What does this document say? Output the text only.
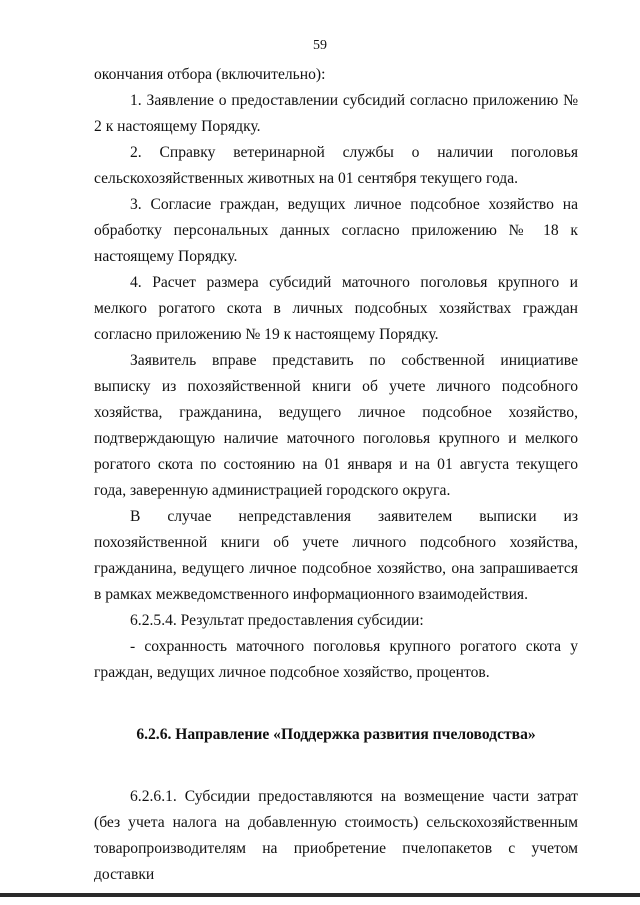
59

окончания отбора (включительно):

1. Заявление о предоставлении субсидий согласно приложению № 2 к настоящему Порядку.

2. Справку ветеринарной службы о наличии поголовья сельскохозяйственных животных на 01 сентября текущего года.

3. Согласие граждан, ведущих личное подсобное хозяйство на обработку персональных данных согласно приложению № 18 к настоящему Порядку.

4. Расчет размера субсидий маточного поголовья крупного и мелкого рогатого скота в личных подсобных хозяйствах граждан согласно приложению № 19 к настоящему Порядку.

Заявитель вправе представить по собственной инициативе выписку из похозяйственной книги об учете личного подсобного хозяйства, гражданина, ведущего личное подсобное хозяйство, подтверждающую наличие маточного поголовья крупного и мелкого рогатого скота по состоянию на 01 января и на 01 августа текущего года, заверенную администрацией городского округа.

В случае непредставления заявителем выписки из похозяйственной книги об учете личного подсобного хозяйства, гражданина, ведущего личное подсобное хозяйство, она запрашивается в рамках межведомственного информационного взаимодействия.

6.2.5.4. Результат предоставления субсидии:

- сохранность маточного поголовья крупного рогатого скота у граждан, ведущих личное подсобное хозяйство, процентов.

6.2.6. Направление «Поддержка развития пчеловодства»

6.2.6.1. Субсидии предоставляются на возмещение части затрат (без учета налога на добавленную стоимость) сельскохозяйственным товаропроизводителям на приобретение пчелопакетов с учетом доставки
